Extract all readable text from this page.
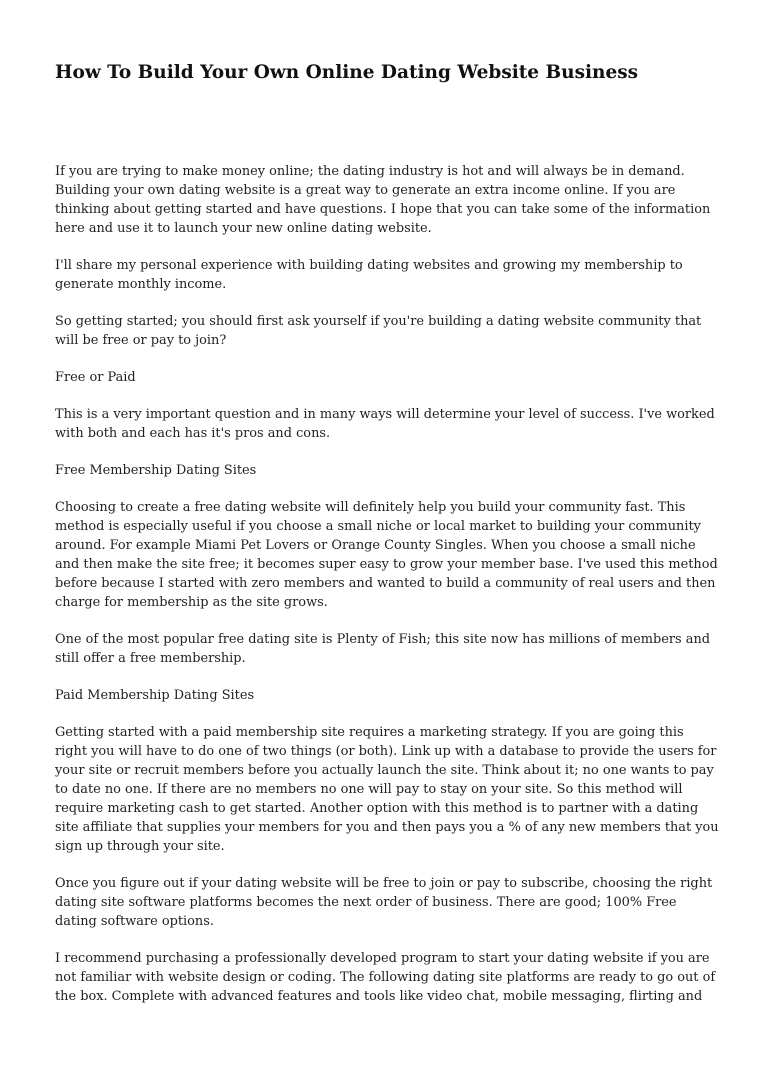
How To Build Your Own Online Dating Website Business

If you are trying to make money online; the dating industry is hot and will always be in demand.
Building your own dating website is a great way to generate an extra income online. If you are
thinking about getting started and have questions. I hope that you can take some of the information
here and use it to launch your new online dating website.

I'll share my personal experience with building dating websites and growing my membership to
generate monthly income.

So getting started; you should first ask yourself if you're building a dating website community that
will be free or pay to join?

Free or Paid

This is a very important question and in many ways will determine your level of success. I've worked
with both and each has it's pros and cons.

Free Membership Dating Sites

Choosing to create a free dating website will definitely help you build your community fast. This
method is especially useful if you choose a small niche or local market to building your community
around. For example Miami Pet Lovers or Orange County Singles. When you choose a small niche
and then make the site free; it becomes super easy to grow your member base. I've used this method
before because I started with zero members and wanted to build a community of real users and then
charge for membership as the site grows.

One of the most popular free dating site is Plenty of Fish; this site now has millions of members and
still offer a free membership.

Paid Membership Dating Sites

Getting started with a paid membership site requires a marketing strategy. If you are going this
right you will have to do one of two things (or both). Link up with a database to provide the users for
your site or recruit members before you actually launch the site. Think about it; no one wants to pay
to date no one. If there are no members no one will pay to stay on your site. So this method will
require marketing cash to get started. Another option with this method is to partner with a dating
site affiliate that supplies your members for you and then pays you a % of any new members that you
sign up through your site.

Once you figure out if your dating website will be free to join or pay to subscribe, choosing the right
dating site software platforms becomes the next order of business. There are good; 100% Free
dating software options.

I recommend purchasing a professionally developed program to start your dating website if you are
not familiar with website design or coding. The following dating site platforms are ready to go out of
the box. Complete with advanced features and tools like video chat, mobile messaging, flirting and
